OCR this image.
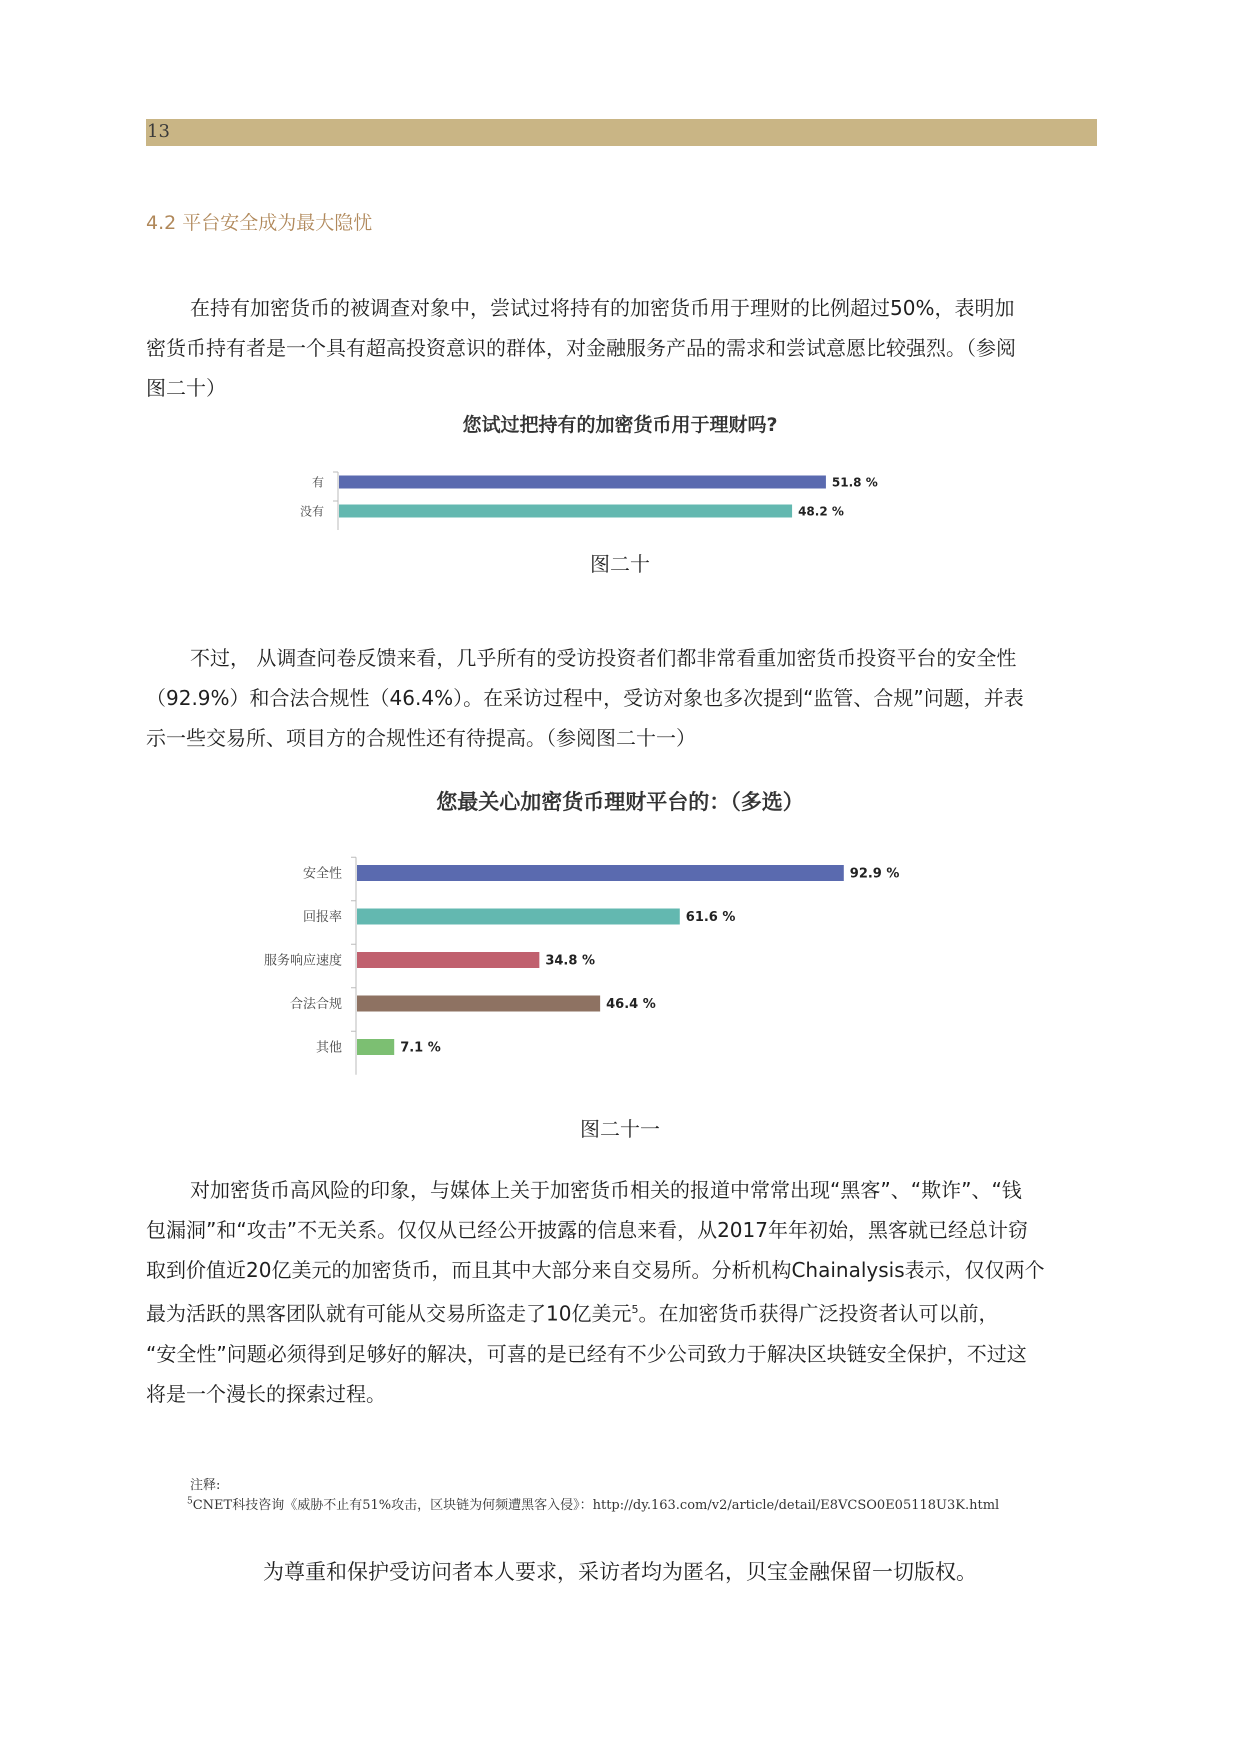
13
4.2 平台安全成为最大隐忧
在持有加密货币的被调查对象中，尝试过将持有的加密货币用于理财的比例超过50%，表明加
密货币持有者是一个具有超高投资意识的群体，对金融服务产品的需求和尝试意愿比较强烈。（参阅
图二十）
您试过把持有的加密货币用于理财吗?
有	51.8 %
没有	48.2 %
图二十
不过， 从调查问卷反馈来看，几乎所有的受访投资者们都非常看重加密货币投资平台的安全性
（92.9%）和合法合规性（46.4%）。在采访过程中，受访对象也多次提到“监管、合规”问题，并表
示一些交易所、项目方的合规性还有待提高。（参阅图二十一）
您最关心加密货币理财平台的：（多选）
安全性	92.9 %
回报率	61.6 %
服务响应速度	34.8 %
合法合规	46.4 %
其他	7.1 %
图二十一
对加密货币高风险的印象，与媒体上关于加密货币相关的报道中常常出现“黑客”、“欺诈”、“钱
包漏洞”和“攻击”不无关系。仅仅从已经公开披露的信息来看，从2017年年初始，黑客就已经总计窃
取到价值近20亿美元的加密货币，而且其中大部分来自交易所。分析机构Chainalysis表示，仅仅两个
最为活跃的黑客团队就有可能从交易所盗走了10亿美元$^5$。在加密货币获得广泛投资者认可以前，
“安全性”问题必须得到足够好的解决，可喜的是已经有不少公司致力于解决区块链安全保护，不过这
将是一个漫长的探索过程。
注释:
$^5$CNET科技咨询《威胁不止有51%攻击，区块链为何频遭黑客入侵》：http://dy.163.com/v2/article/detail/E8VCSO0E05118U3K.html
为尊重和保护受访问者本人要求，采访者均为匿名，贝宝金融保留一切版权。
